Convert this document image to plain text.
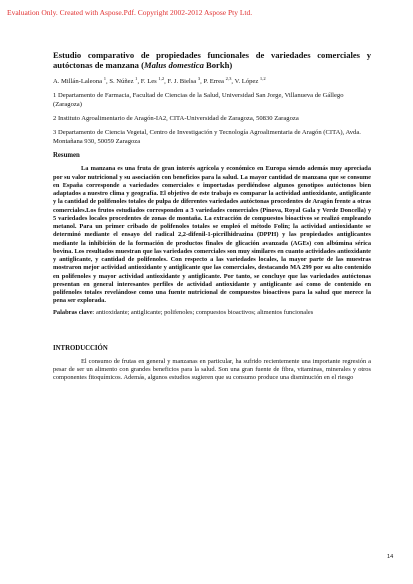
Evaluation Only. Created with Aspose.Pdf. Copyright 2002-2012 Aspose Pty Ltd.

Estudio comparativo de propiedades funcionales de variedades comerciales y autóctonas de manzana (Malus domestica Borkh)

A. Millán-Laleona $^1$, S. Núñez $^1$, F. Les $^{1,2}$, F. J. Bielsa $^3$, P. Errea $^{2,3}$, V. López $^{1,2}$

1 Departamento de Farmacia, Facultad de Ciencias de la Salud, Universidad San Jorge, Villanueva de Gállego (Zaragoza)

2 Instituto Agroalimentario de Aragón-IA2, CITA-Universidad de Zaragoza, 50830 Zaragoza

3 Departamento de Ciencia Vegetal, Centro de Investigación y Tecnología Agroalimentaria de Aragón (CITA), Avda. Montañana 930, 50059 Zaragoza

Resumen

La manzana es una fruta de gran interés agrícola y económico en Europa siendo además muy apreciada por su valor nutricional y su asociación con beneficios para la salud. La mayor cantidad de manzana que se consume en España corresponde a variedades comerciales e importadas perdiéndose algunos genotipos autóctonos bien adaptados a nuestro clima y geografía. El objetivo de este trabajo es comparar la actividad antioxidante, antiglicante y la cantidad de polifenoles totales de pulpa de diferentes variedades autóctonas procedentes de Aragón frente a otras comerciales.Los frutos estudiados corresponden a 3 variedades comerciales (Pinova, Royal Gala y Verde Doncella) y 5 variedades locales procedentes de zonas de montaña. La extracción de compuestos bioactivos se realizó empleando metanol. Para un primer cribado de polifenoles totales se empleó el método Folin; la actividad antioxidante se determinó mediante el ensayo del radical 2,2-difenil-1-picrilhidrazina (DPPH) y las propiedades antiglicantes mediante la inhibición de la formación de productos finales de glicación avanzada (AGEs) con albúmina sérica bovina. Los resultados muestran que las variedades comerciales son muy similares en cuanto actividades antioxidante y antiglicante, y cantidad de polifenoles. Con respecto a las variedades locales, la mayor parte de las muestras mostraron mejor actividad antioxidante y antiglicante que las comerciales, destacando MA 299 por su alto contenido en polifenoles y mayor actividad antioxidante y antiglicante. Por tanto, se concluye que las variedades autóctonas presentan en general interesantes perfiles de actividad antioxidante y antiglicante así como de contenido en polifenoles totales revelándose como una fuente nutricional de compuestos bioactivos para la salud que merece la pena ser explorada.

Palabras clave: antioxidante; antiglicante; polifenoles; compuestos bioactivos; alimentos funcionales

INTRODUCCIÓN

El consumo de frutas en general y manzanas en particular, ha sufrido recientemente una importante regresión a pesar de ser un alimento con grandes beneficios para la salud. Son una gran fuente de fibra, vitaminas, minerales y otros componentes fitoquímicos. Además, algunos estudios sugieren que su consumo produce una disminución en el riesgo

14
